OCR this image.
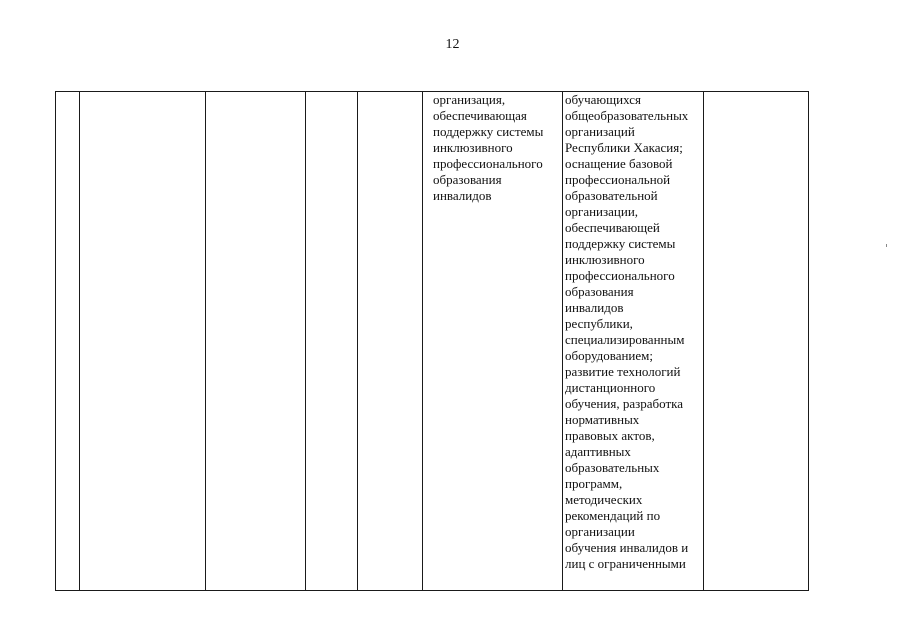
12

организация,
обеспечивающая
поддержку системы
инклюзивного
профессионального
образования
инвалидов

обучающихся
общеобразовательных
организаций
Республики Хакасия;
оснащение базовой
профессиональной
образовательной
организации,
обеспечивающей
поддержку системы
инклюзивного
профессионального
образования
инвалидов
республики,
специализированным
оборудованием;
развитие технологий
дистанционного
обучения, разработка
нормативных
правовых актов,
адаптивных
образовательных
программ,
методических
рекомендаций по
организации
обучения инвалидов и
лиц с ограниченными
